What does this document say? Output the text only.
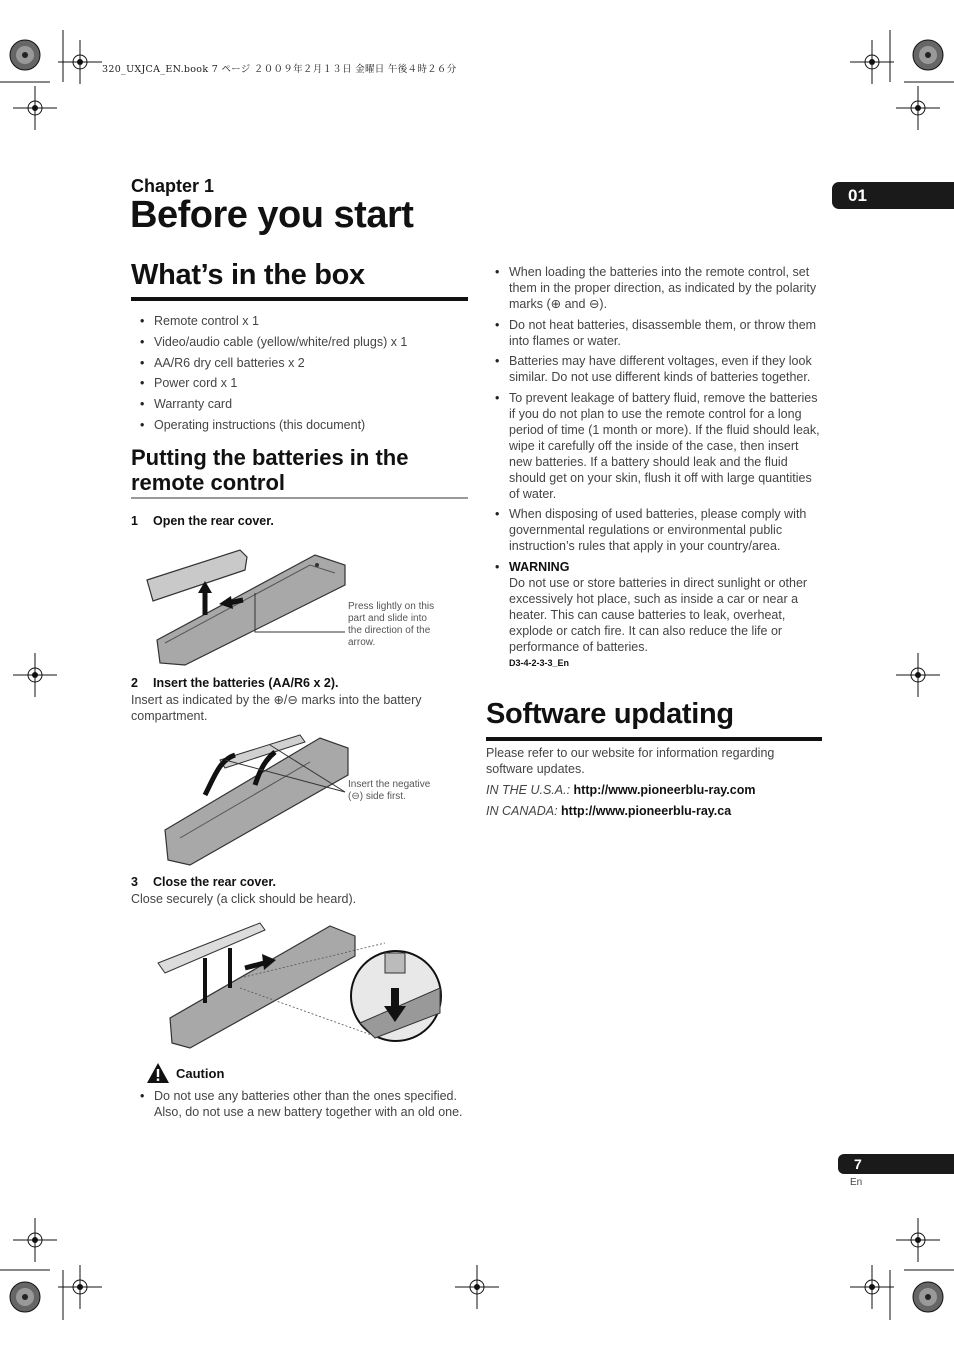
320_UXJCA_EN.book 7 ページ ２００９年２月１３日 金曜日 午後４時２６分
Chapter 1
Before you start	01
What’s in the box
• Remote control x 1
• Video/audio cable (yellow/white/red plugs) x 1
• AA/R6 dry cell batteries x 2
• Power cord x 1
• Warranty card
• Operating instructions (this document)
Putting the batteries in the
remote control
1 Open the rear cover.
Press lightly on this
part and slide into
the direction of the
arrow.
2 Insert the batteries (AA/R6 x 2).
Insert as indicated by the ⊕/⊖ marks into the battery
compartment.
Insert the negative
(⊖) side first.
3 Close the rear cover.
Close securely (a click should be heard).
Caution
• Do not use any batteries other than the ones specified. Also, do not use a new battery together with an old one.
• When loading the batteries into the remote control, set them in the proper direction, as indicated by the polarity marks (⊕ and ⊖).
• Do not heat batteries, disassemble them, or throw them into flames or water.
• Batteries may have different voltages, even if they look similar. Do not use different kinds of batteries together.
• To prevent leakage of battery fluid, remove the batteries if you do not plan to use the remote control for a long period of time (1 month or more). If the fluid should leak, wipe it carefully off the inside of the case, then insert new batteries. If a battery should leak and the fluid should get on your skin, flush it off with large quantities of water.
• When disposing of used batteries, please comply with governmental regulations or environmental public instruction’s rules that apply in your country/area.
• WARNING
Do not use or store batteries in direct sunlight or other excessively hot place, such as inside a car or near a heater. This can cause batteries to leak, overheat, explode or catch fire. It can also reduce the life or performance of batteries.
D3-4-2-3-3_En
Software updating
Please refer to our website for information regarding software updates.
IN THE U.S.A.: http://www.pioneerblu-ray.com
IN CANADA: http://www.pioneerblu-ray.ca
7
En
